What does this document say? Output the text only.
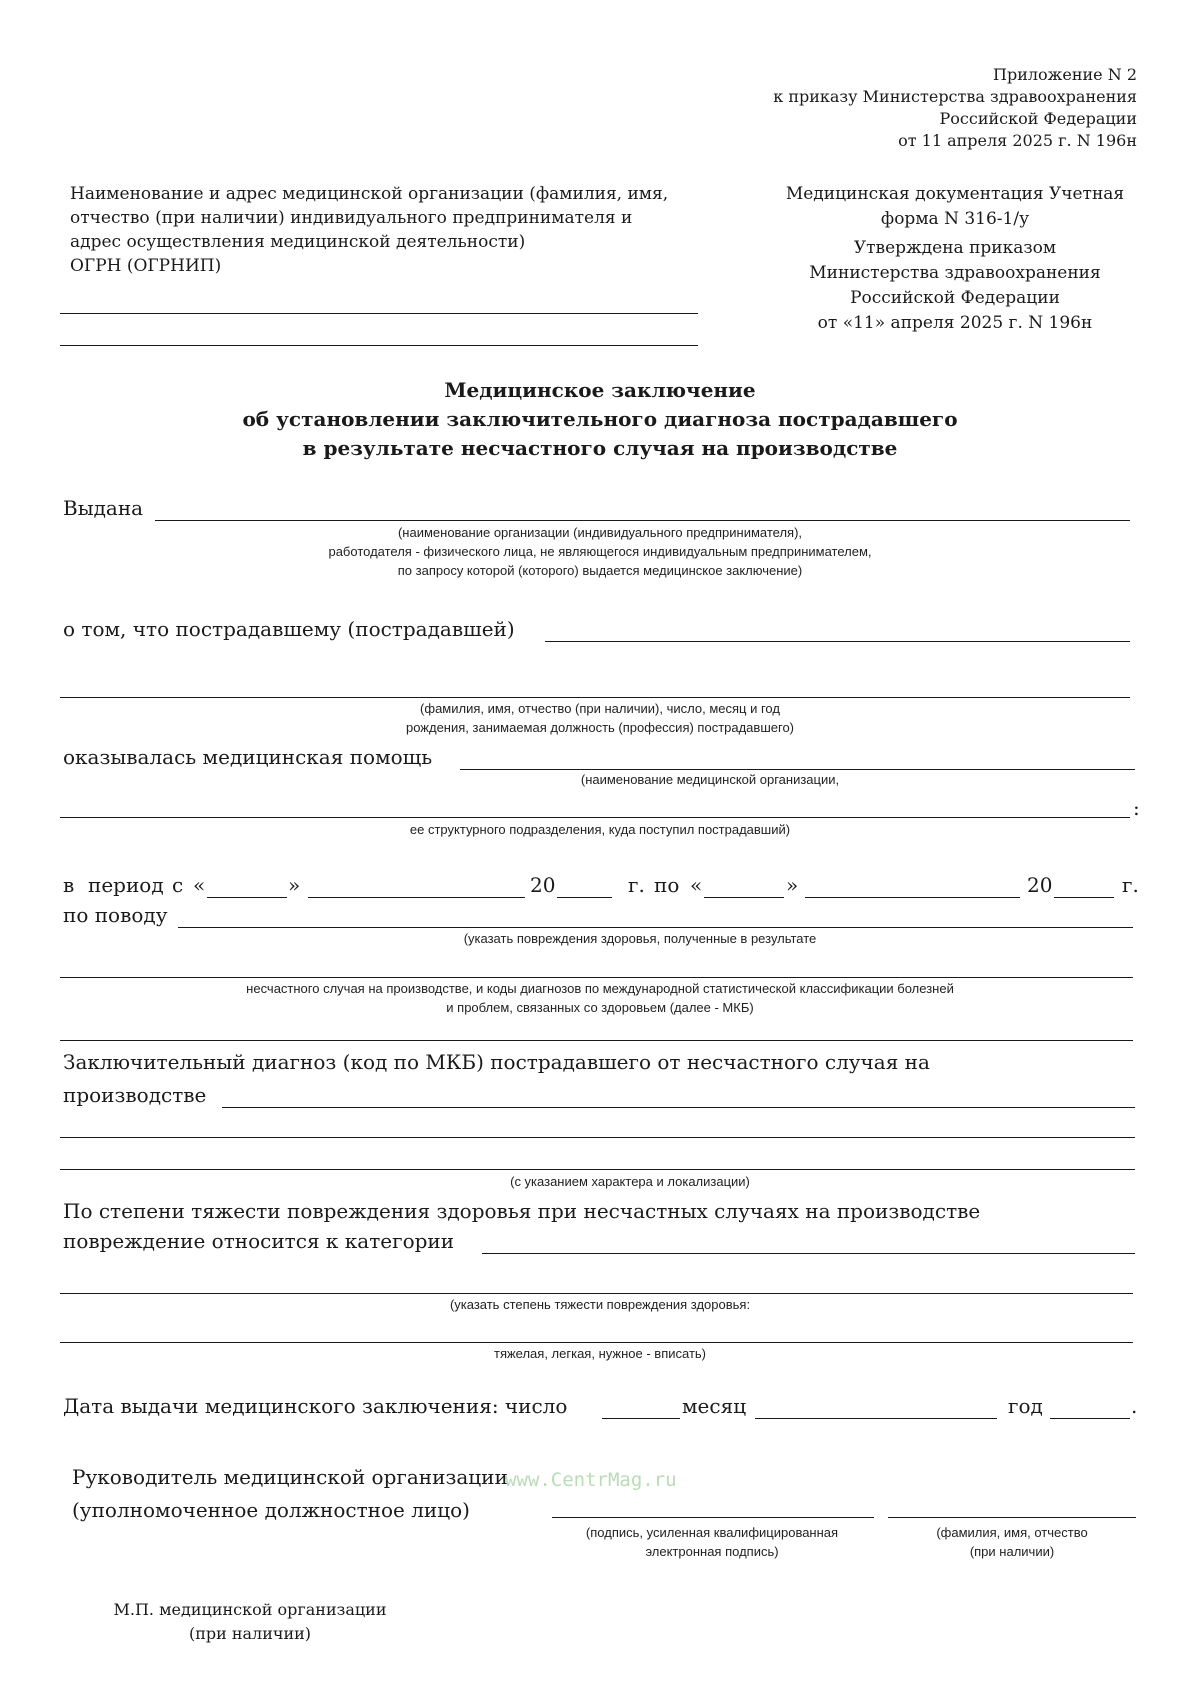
Приложение N 2
к приказу Министерства здравоохранения
Российской Федерации
от 11 апреля 2025 г. N 196н
Наименование и адрес медицинской организации (фамилия, имя,
отчество (при наличии) индивидуального предпринимателя и
адрес осуществления медицинской деятельности)
ОГРН (ОГРНИП)
Медицинская документация Учетная
форма N 316-1/у
Утверждена приказом
Министерства здравоохранения
Российской Федерации
от «11» апреля 2025 г. N 196н
Медицинское заключение
об установлении заключительного диагноза пострадавшего
в результате несчастного случая на производстве
Выдана
(наименование организации (индивидуального предпринимателя),
работодателя - физического лица, не являющегося индивидуальным предпринимателем,
по запросу которой (которого) выдается медицинское заключение)
о том, что пострадавшему (пострадавшей)
(фамилия, имя, отчество (при наличии), число, месяц и год
рождения, занимаемая должность (профессия) пострадавшего)
оказывалась медицинская помощь
(наименование медицинской организации,
:
ее структурного подразделения, куда поступил пострадавший)
в период с «	»	20	г. по «	»	20	г.
по поводу
(указать повреждения здоровья, полученные в результате
несчастного случая на производстве, и коды диагнозов по международной статистической классификации болезней
и проблем, связанных со здоровьем (далее - МКБ)
Заключительный диагноз (код по МКБ) пострадавшего от несчастного случая на
производстве
(с указанием характера и локализации)
По степени тяжести повреждения здоровья при несчастных случаях на производстве
повреждение относится к категории
(указать степень тяжести повреждения здоровья:
тяжелая, легкая, нужное - вписать)
Дата выдачи медицинского заключения: число	месяц	год	.
Руководитель медицинской организации
(уполномоченное должностное лицо)
www.CentrMag.ru
(подпись, усиленная квалифицированная
электронная подпись)
(фамилия, имя, отчество
(при наличии)
М.П. медицинской организации
(при наличии)
